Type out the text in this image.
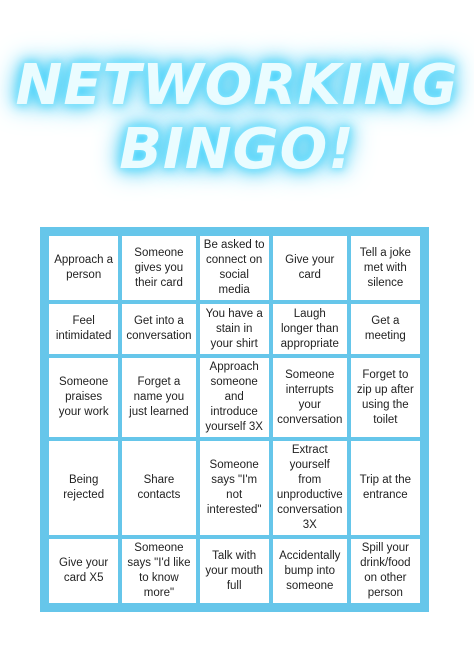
NETWORKING
BINGO!
Approach a person
Someone gives you their card
Be asked to connect on social media
Give your card
Tell a joke met with silence
Feel intimidated
Get into a conversation
You have a stain in your shirt
Laugh longer than appropriate
Get a meeting
Someone praises your work
Forget a name you just learned
Approach someone and introduce yourself 3X
Someone interrupts your conversation
Forget to zip up after using the toilet
Being rejected
Share contacts
Someone says "I'm not interested"
Extract yourself from unproductive conversation 3X
Trip at the entrance
Give your card X5
Someone says "I'd like to know more"
Talk with your mouth full
Accidentally bump into someone
Spill your drink/food on other person
